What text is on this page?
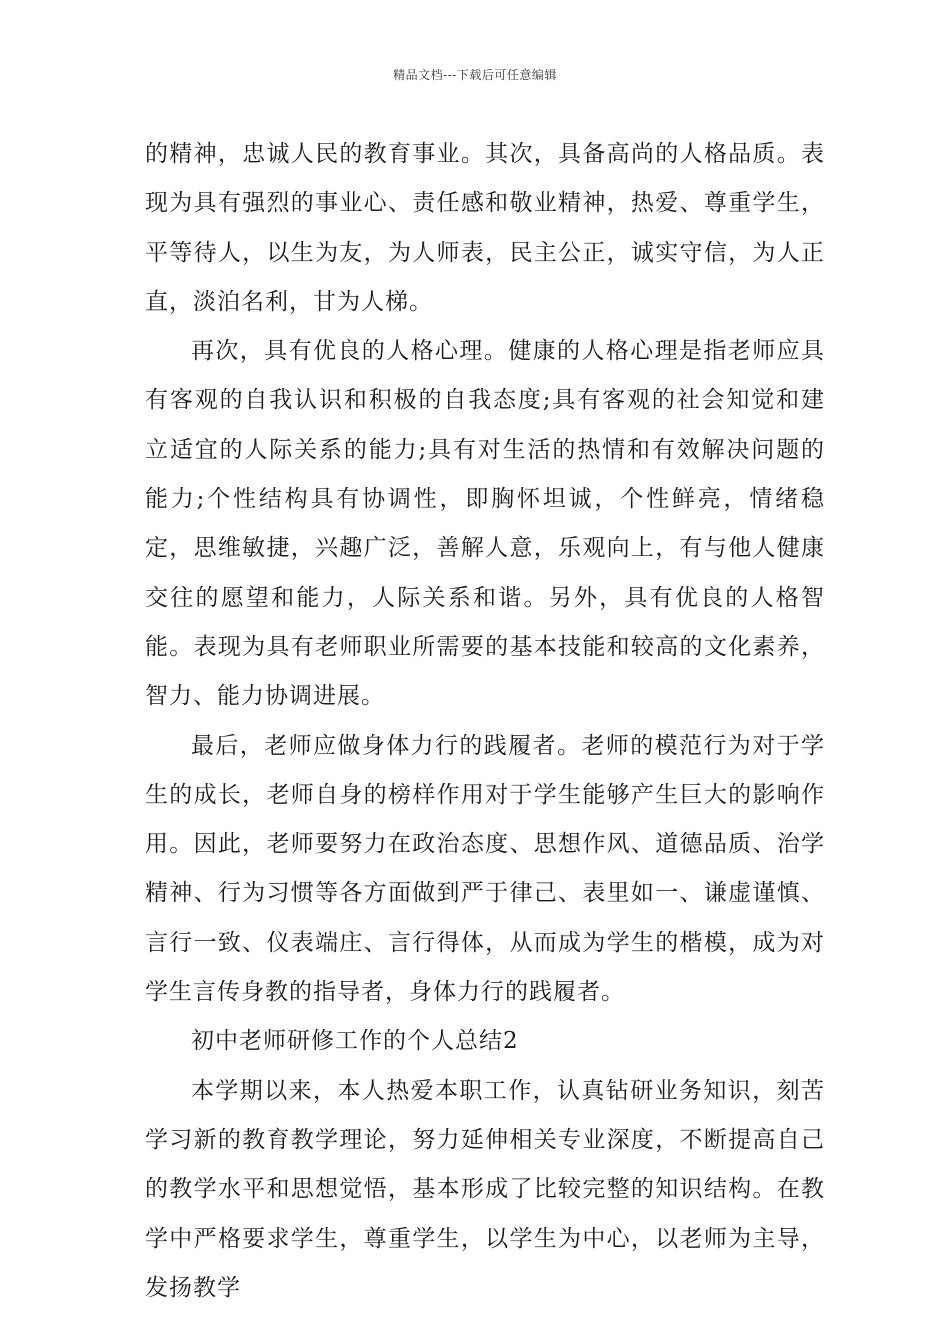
精品文档---下载后可任意编辑

的精神，忠诚人民的教育事业。其次，具备高尚的人格品质。表现为具有强烈的事业心、责任感和敬业精神，热爱、尊重学生，平等待人，以生为友，为人师表，民主公正，诚实守信，为人正直，淡泊名利，甘为人梯。

再次，具有优良的人格心理。健康的人格心理是指老师应具有客观的自我认识和积极的自我态度;具有客观的社会知觉和建立适宜的人际关系的能力;具有对生活的热情和有效解决问题的能力;个性结构具有协调性，即胸怀坦诚，个性鲜亮，情绪稳定，思维敏捷，兴趣广泛，善解人意，乐观向上，有与他人健康交往的愿望和能力，人际关系和谐。另外，具有优良的人格智能。表现为具有老师职业所需要的基本技能和较高的文化素养，智力、能力协调进展。

最后，老师应做身体力行的践履者。老师的模范行为对于学生的成长，老师自身的榜样作用对于学生能够产生巨大的影响作用。因此，老师要努力在政治态度、思想作风、道德品质、治学精神、行为习惯等各方面做到严于律己、表里如一、谦虚谨慎、言行一致、仪表端庄、言行得体，从而成为学生的楷模，成为对学生言传身教的指导者，身体力行的践履者。

初中老师研修工作的个人总结2

本学期以来，本人热爱本职工作，认真钻研业务知识，刻苦学习新的教育教学理论，努力延伸相关专业深度，不断提高自己的教学水平和思想觉悟，基本形成了比较完整的知识结构。在教学中严格要求学生，尊重学生，以学生为中心，以老师为主导，发扬教学
